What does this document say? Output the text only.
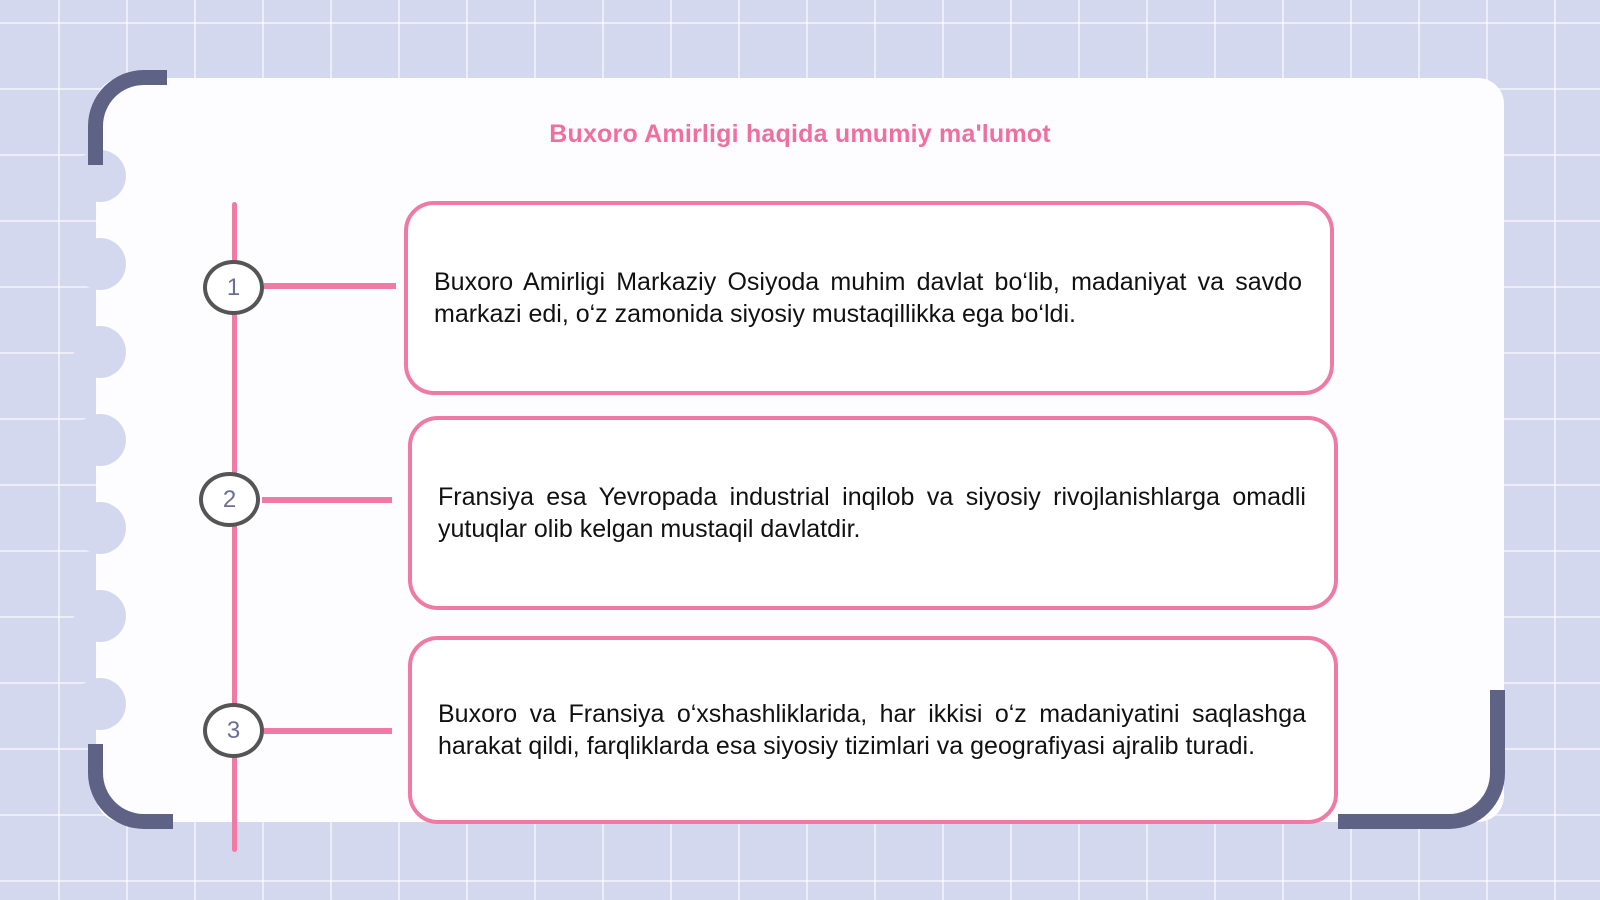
Buxoro Amirligi haqida umumiy ma'lumot
1
2
3

Buxoro Amirligi Markaziy Osiyoda muhim davlat bo‘lib, madaniyat va savdo markazi edi, o‘z zamonida siyosiy mustaqillikka ega bo‘ldi.

Fransiya esa Yevropada industrial inqilob va siyosiy rivojlanishlarga omadli yutuqlar olib kelgan mustaqil davlatdir.

Buxoro va Fransiya o‘xshashliklarida, har ikkisi o‘z madaniyatini saqlashga harakat qildi, farqliklarda esa siyosiy tizimlari va geografiyasi ajralib turadi.
